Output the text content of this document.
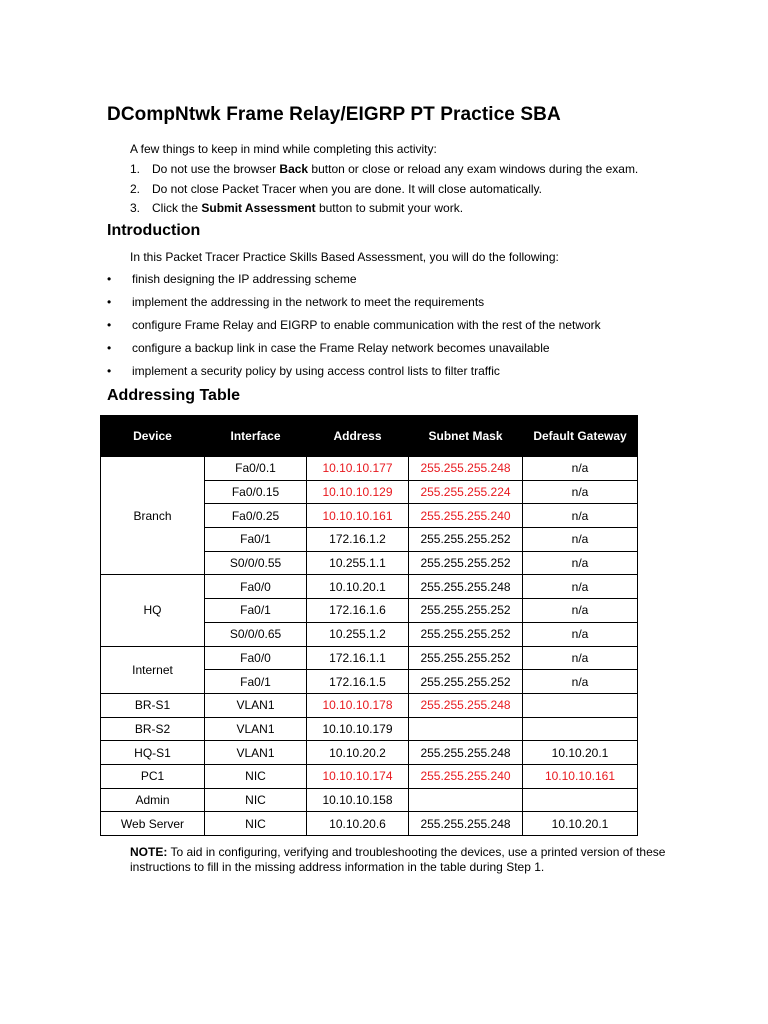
DCompNtwk Frame Relay/EIGRP PT Practice SBA
A few things to keep in mind while completing this activity:
1. Do not use the browser Back button or close or reload any exam windows during the exam.
2. Do not close Packet Tracer when you are done. It will close automatically.
3. Click the Submit Assessment button to submit your work.
Introduction
In this Packet Tracer Practice Skills Based Assessment, you will do the following:
• finish designing the IP addressing scheme
• implement the addressing in the network to meet the requirements
• configure Frame Relay and EIGRP to enable communication with the rest of the network
• configure a backup link in case the Frame Relay network becomes unavailable
• implement a security policy by using access control lists to filter traffic
Addressing Table
Device	Interface	Address	Subnet Mask	Default Gateway
Branch	Fa0/0.1	10.10.10.177	255.255.255.248	n/a
	Fa0/0.15	10.10.10.129	255.255.255.224	n/a
	Fa0/0.25	10.10.10.161	255.255.255.240	n/a
	Fa0/1	172.16.1.2	255.255.255.252	n/a
	S0/0/0.55	10.255.1.1	255.255.255.252	n/a
HQ	Fa0/0	10.10.20.1	255.255.255.248	n/a
	Fa0/1	172.16.1.6	255.255.255.252	n/a
	S0/0/0.65	10.255.1.2	255.255.255.252	n/a
Internet	Fa0/0	172.16.1.1	255.255.255.252	n/a
	Fa0/1	172.16.1.5	255.255.255.252	n/a
BR-S1	VLAN1	10.10.10.178	255.255.255.248	
BR-S2	VLAN1	10.10.10.179		
HQ-S1	VLAN1	10.10.20.2	255.255.255.248	10.10.20.1
PC1	NIC	10.10.10.174	255.255.255.240	10.10.10.161
Admin	NIC	10.10.10.158		
Web Server	NIC	10.10.20.6	255.255.255.248	10.10.20.1
NOTE: To aid in configuring, verifying and troubleshooting the devices, use a printed version of these instructions to fill in the missing address information in the table during Step 1.
